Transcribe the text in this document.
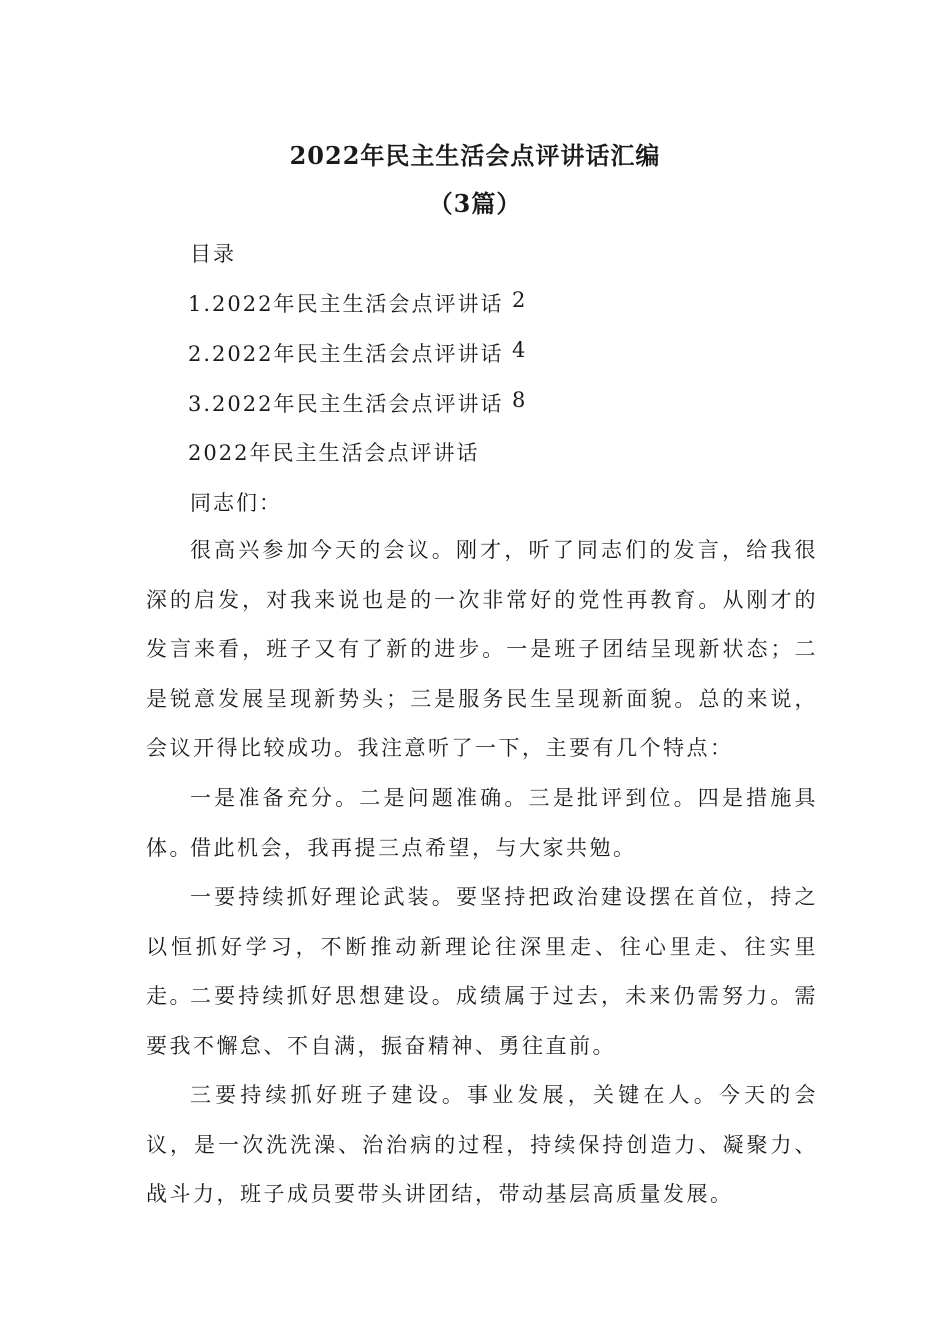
2022年民主生活会点评讲话汇编
（3篇）
目录
1.2022年民主生活会点评讲话 2
2.2022年民主生活会点评讲话 4
3.2022年民主生活会点评讲话 8
2022年民主生活会点评讲话
同志们：
很高兴参加今天的会议。刚才，听了同志们的发言，给我很深的启发，对我来说也是的一次非常好的党性再教育。从刚才的发言来看，班子又有了新的进步。一是班子团结呈现新状态；二是锐意发展呈现新势头；三是服务民生呈现新面貌。总的来说，会议开得比较成功。我注意听了一下，主要有几个特点：
一是准备充分。二是问题准确。三是批评到位。四是措施具体。
借此机会，我再提三点希望，与大家共勉。
一要持续抓好理论武装。要坚持把政治建设摆在首位，持之以恒抓好学习，不断推动新理论往深里走、往心里走、往实里走。
二要持续抓好思想建设。成绩属于过去，未来仍需努力。需要我不懈怠、不自满，振奋精神、勇往直前。
三要持续抓好班子建设。事业发展，关键在人。今天的会议，是一次洗洗澡、治治病的过程，持续保持创造力、凝聚力、战斗力，班子成员要带头讲团结，带动基层高质量发展。
